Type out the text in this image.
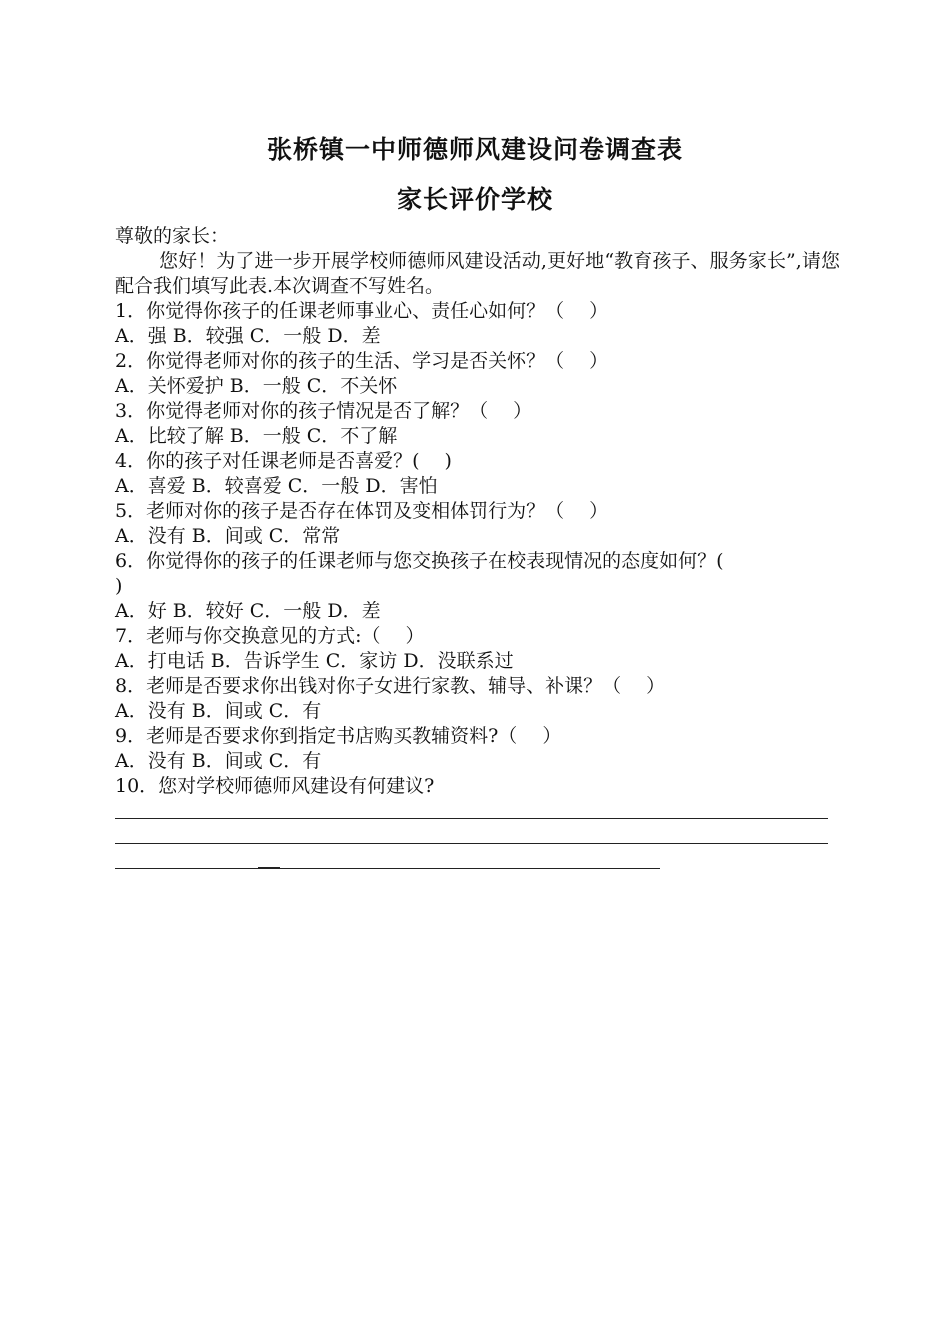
张桥镇一中师德师风建设问卷调查表
家长评价学校
尊敬的家长：
您好！为了进一步开展学校师德师风建设活动,更好地“教育孩子、服务家长”,请您配合我们填写此表.本次调查不写姓名。
1．你觉得你孩子的任课老师事业心、责任心如何？（　 ）
A．强 B．较强 C．一般 D．差
2．你觉得老师对你的孩子的生活、学习是否关怀？（　 ）
A．关怀爱护 B．一般 C．不关怀
3．你觉得老师对你的孩子情况是否了解？（　 ）
A．比较了解 B．一般 C．不了解
4．你的孩子对任课老师是否喜爱？(　 )
A．喜爱 B．较喜爱 C．一般 D．害怕
5．老师对你的孩子是否存在体罚及变相体罚行为？（　 ）
A．没有 B．间或 C．常常
6．你觉得你的孩子的任课老师与您交换孩子在校表现情况的态度如何？(
)
A．好 B．较好 C．一般 D．差
7．老师与你交换意见的方式:（　 ）
A．打电话 B．告诉学生 C．家访 D．没联系过
8．老师是否要求你出钱对你子女进行家教、辅导、补课？（　 ）
A．没有 B．间或 C．有
9．老师是否要求你到指定书店购买教辅资料?（　 ）
A．没有 B．间或 C．有
10．您对学校师德师风建设有何建议?
